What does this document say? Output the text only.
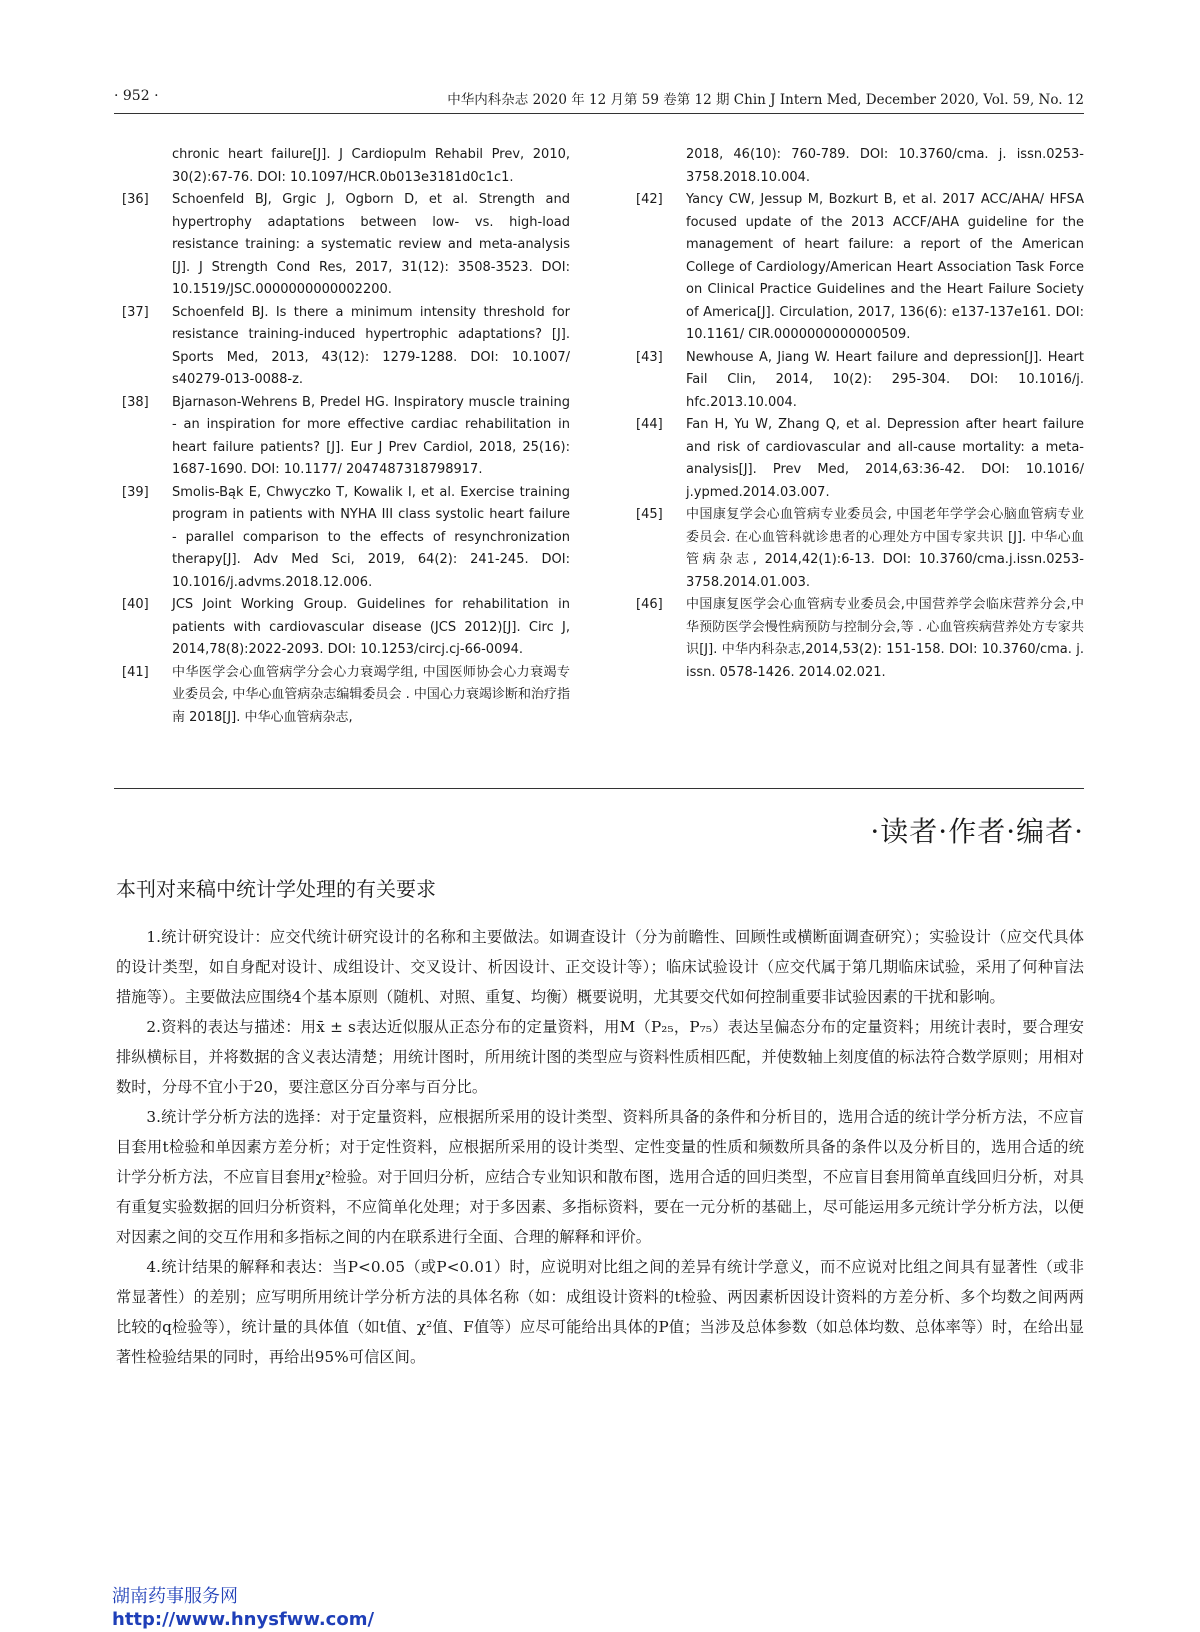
· 952 ·	中华内科杂志 2020 年 12 月第 59 卷第 12 期 Chin J Intern Med, December 2020, Vol. 59, No. 12
chronic heart failure[J]. J Cardiopulm Rehabil Prev, 2010, 30(2):67-76. DOI: 10.1097/HCR.0b013e3181d0c1c1.
[36]	Schoenfeld BJ, Grgic J, Ogborn D, et al. Strength and hypertrophy adaptations between low- vs. high-load resistance training: a systematic review and meta-analysis [J]. J Strength Cond Res, 2017, 31(12): 3508-3523. DOI: 10.1519/JSC.0000000000002200.
[37]	Schoenfeld BJ. Is there a minimum intensity threshold for resistance training-induced hypertrophic adaptations? [J]. Sports Med, 2013, 43(12): 1279-1288. DOI: 10.1007/ s40279-013-0088-z.
[38]	Bjarnason-Wehrens B, Predel HG. Inspiratory muscle training - an inspiration for more effective cardiac rehabilitation in heart failure patients? [J]. Eur J Prev Cardiol, 2018, 25(16): 1687-1690. DOI: 10.1177/ 2047487318798917.
[39]	Smolis-Bąk E, Chwyczko T, Kowalik I, et al. Exercise training program in patients with NYHA III class systolic heart failure - parallel comparison to the effects of resynchronization therapy[J]. Adv Med Sci, 2019, 64(2): 241-245. DOI: 10.1016/j.advms.2018.12.006.
[40]	JCS Joint Working Group. Guidelines for rehabilitation in patients with cardiovascular disease (JCS 2012)[J]. Circ J, 2014,78(8):2022-2093. DOI: 10.1253/circj.cj-66-0094.
[41]	中华医学会心血管病学分会心力衰竭学组, 中国医师协会心力衰竭专业委员会, 中华心血管病杂志编辑委员会 . 中国心力衰竭诊断和治疗指南 2018[J]. 中华心血管病杂志,
2018, 46(10): 760-789. DOI: 10.3760/cma. j. issn.0253-3758.2018.10.004.
[42]	Yancy CW, Jessup M, Bozkurt B, et al. 2017 ACC/AHA/ HFSA focused update of the 2013 ACCF/AHA guideline for the management of heart failure: a report of the American College of Cardiology/American Heart Association Task Force on Clinical Practice Guidelines and the Heart Failure Society of America[J]. Circulation, 2017, 136(6): e137-137e161. DOI: 10.1161/ CIR.0000000000000509.
[43]	Newhouse A, Jiang W. Heart failure and depression[J]. Heart Fail Clin, 2014, 10(2): 295-304. DOI: 10.1016/j. hfc.2013.10.004.
[44]	Fan H, Yu W, Zhang Q, et al. Depression after heart failure and risk of cardiovascular and all-cause mortality: a meta-analysis[J]. Prev Med, 2014,63:36-42. DOI: 10.1016/ j.ypmed.2014.03.007.
[45]	中国康复学会心血管病专业委员会, 中国老年学学会心脑血管病专业委员会. 在心血管科就诊患者的心理处方中国专家共识 [J]. 中华心血管病杂志, 2014,42(1):6-13. DOI: 10.3760/cma.j.issn.0253-3758.2014.01.003.
[46]	中国康复医学会心血管病专业委员会,中国营养学会临床营养分会,中华预防医学会慢性病预防与控制分会,等 . 心血管疾病营养处方专家共识[J]. 中华内科杂志,2014,53(2): 151-158. DOI: 10.3760/cma. j. issn. 0578-1426. 2014.02.021.
·读者·作者·编者·
本刊对来稿中统计学处理的有关要求

1.统计研究设计：应交代统计研究设计的名称和主要做法。如调查设计（分为前瞻性、回顾性或横断面调查研究）；实验设计（应交代具体的设计类型，如自身配对设计、成组设计、交叉设计、析因设计、正交设计等）；临床试验设计（应交代属于第几期临床试验，采用了何种盲法措施等）。主要做法应围绕4个基本原则（随机、对照、重复、均衡）概要说明，尤其要交代如何控制重要非试验因素的干扰和影响。

2.资料的表达与描述：用x̄ ± s表达近似服从正态分布的定量资料，用M（P₂₅，P₇₅）表达呈偏态分布的定量资料；用统计表时，要合理安排纵横标目，并将数据的含义表达清楚；用统计图时，所用统计图的类型应与资料性质相匹配，并使数轴上刻度值的标法符合数学原则；用相对数时，分母不宜小于20，要注意区分百分率与百分比。

3.统计学分析方法的选择：对于定量资料，应根据所采用的设计类型、资料所具备的条件和分析目的，选用合适的统计学分析方法，不应盲目套用t检验和单因素方差分析；对于定性资料，应根据所采用的设计类型、定性变量的性质和频数所具备的条件以及分析目的，选用合适的统计学分析方法，不应盲目套用χ²检验。对于回归分析，应结合专业知识和散布图，选用合适的回归类型，不应盲目套用简单直线回归分析，对具有重复实验数据的回归分析资料，不应简单化处理；对于多因素、多指标资料，要在一元分析的基础上，尽可能运用多元统计学分析方法，以便对因素之间的交互作用和多指标之间的内在联系进行全面、合理的解释和评价。

4.统计结果的解释和表达：当P<0.05（或P<0.01）时，应说明对比组之间的差异有统计学意义，而不应说对比组之间具有显著性（或非常显著性）的差别；应写明所用统计学分析方法的具体名称（如：成组设计资料的t检验、两因素析因设计资料的方差分析、多个均数之间两两比较的q检验等），统计量的具体值（如t值、χ²值、F值等）应尽可能给出具体的P值；当涉及总体参数（如总体均数、总体率等）时，在给出显著性检验结果的同时，再给出95%可信区间。

湖南药事服务网
http://www.hnysfww.com/
